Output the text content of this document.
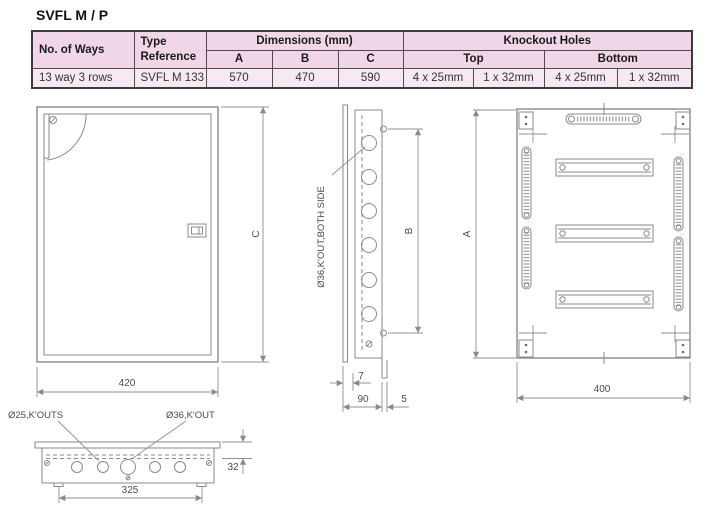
SVFL M / P
No. of Ways	Type Reference	Dimensions (mm)			Knockout Holes			
		A	B	C	Top		Bottom	
13 way 3 rows	SVFL M 133	570	470	590	4 x 25mm	1 x 32mm	4 x 25mm	1 x 32mm
C
420
Ø36,K'OUT,BOTH SIDE	B
7
90	5
A
400
Ø25,K'OUTS	Ø36,K'OUT
32
325
